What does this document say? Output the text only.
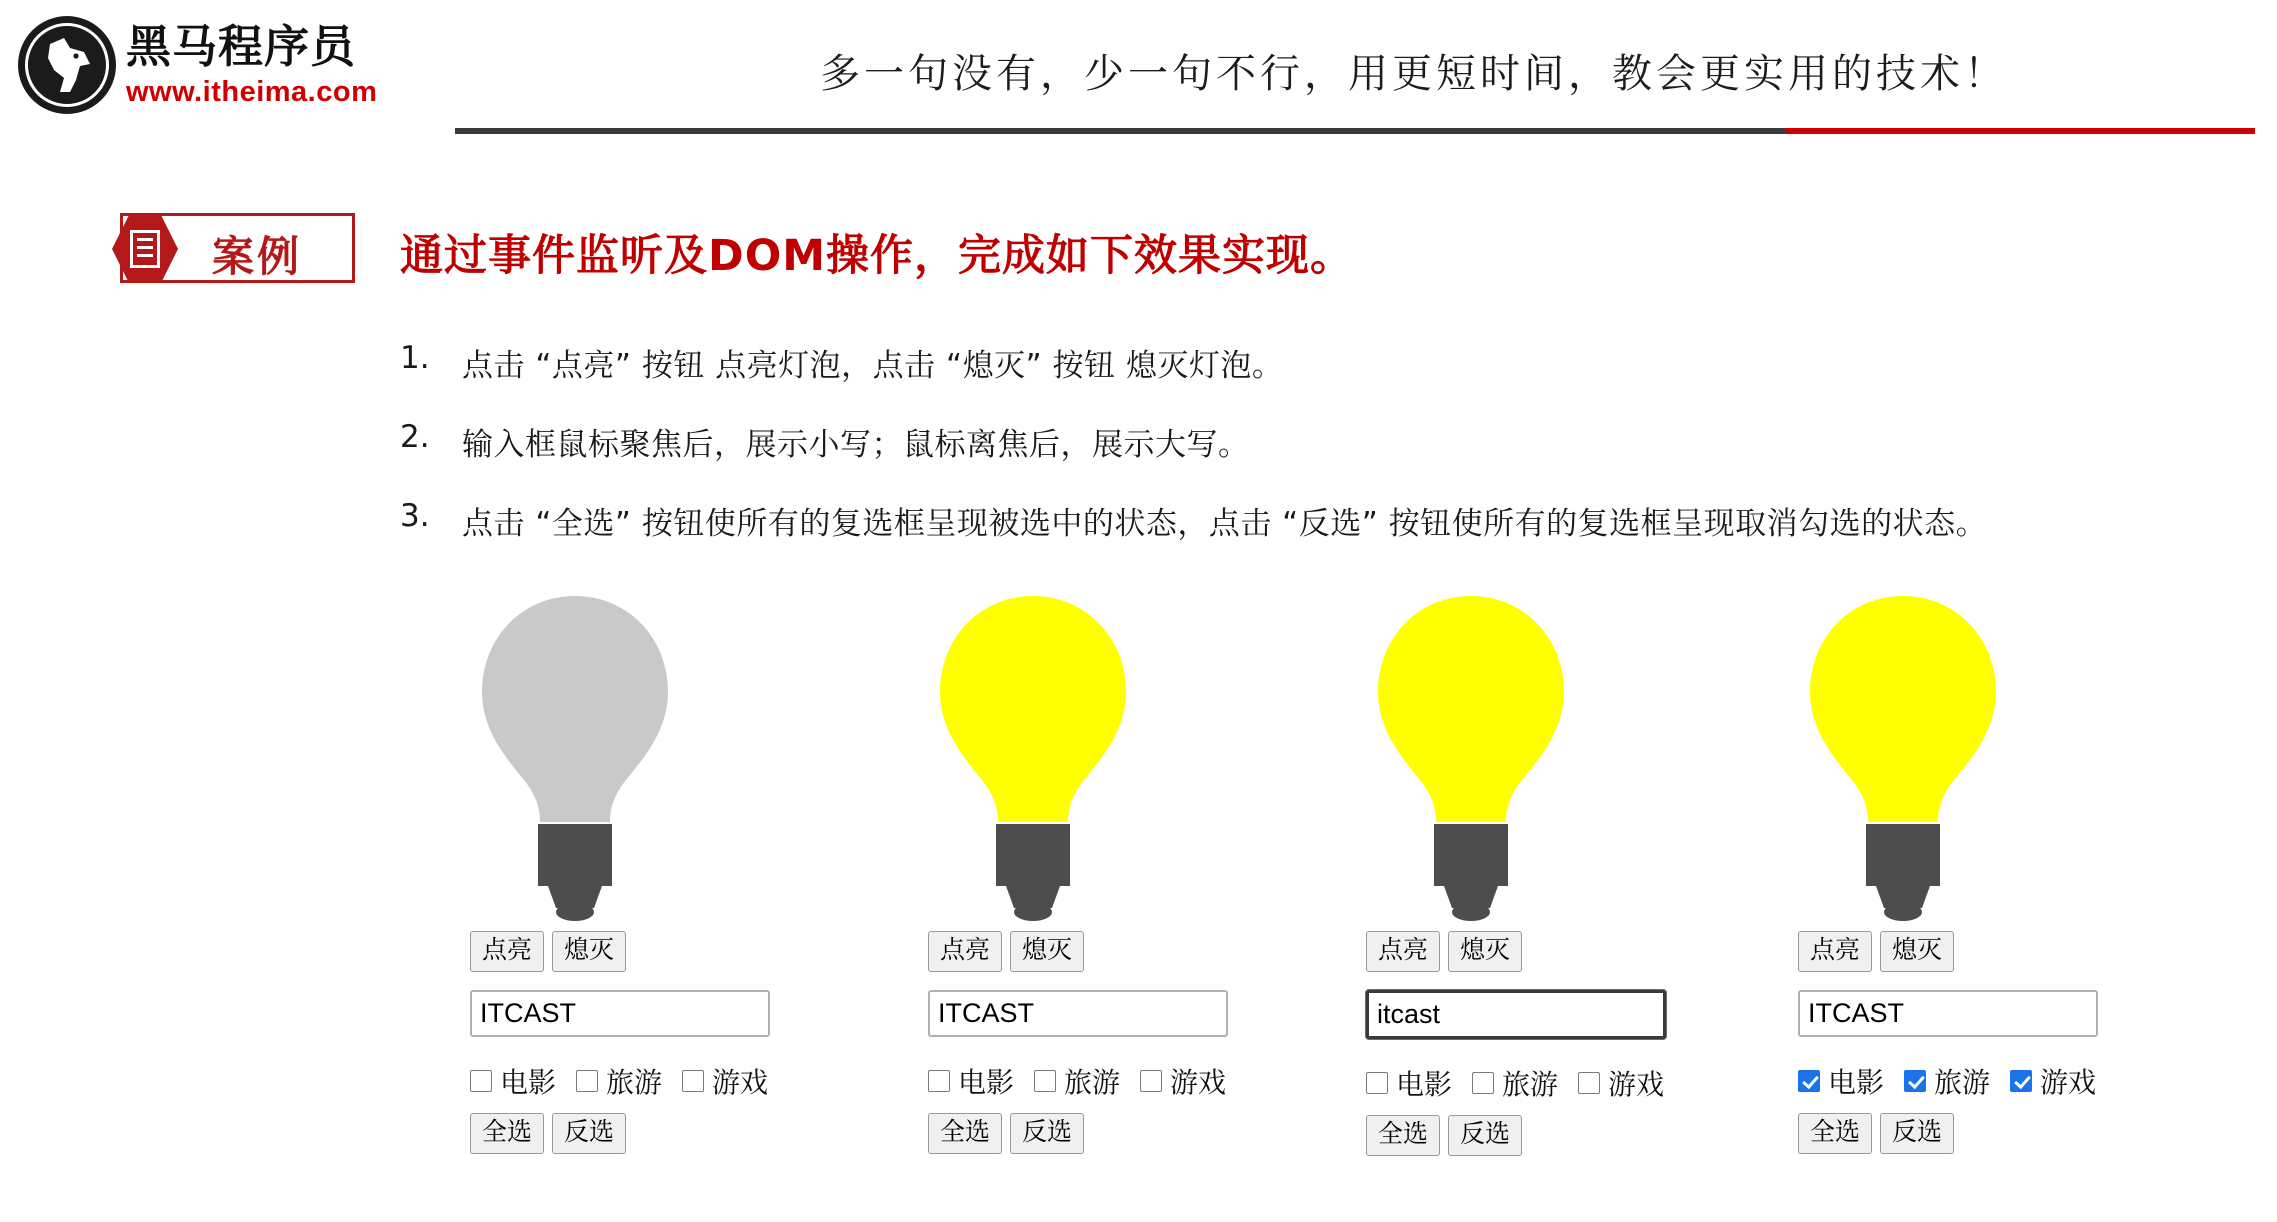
黑马程序员
www.itheima.com	多一句没有，少一句不行，用更短时间，教会更实用的技术！
案例 通过事件监听及DOM操作，完成如下效果实现。
1.	点击 “点亮” 按钮 点亮灯泡，点击 “熄灭” 按钮 熄灭灯泡。
2.	输入框鼠标聚焦后，展示小写；鼠标离焦后，展示大写。
3.	点击 “全选” 按钮使所有的复选框呈现被选中的状态，点击 “反选” 按钮使所有的复选框呈现取消勾选的状态。
点亮	熄灭
ITCAST
电影 旅游 游戏
全选	反选
点亮	熄灭
ITCAST
电影 旅游 游戏
全选	反选
点亮	熄灭
itcast
电影 旅游 游戏
全选	反选
点亮	熄灭
ITCAST
电影 旅游 游戏
全选	反选
